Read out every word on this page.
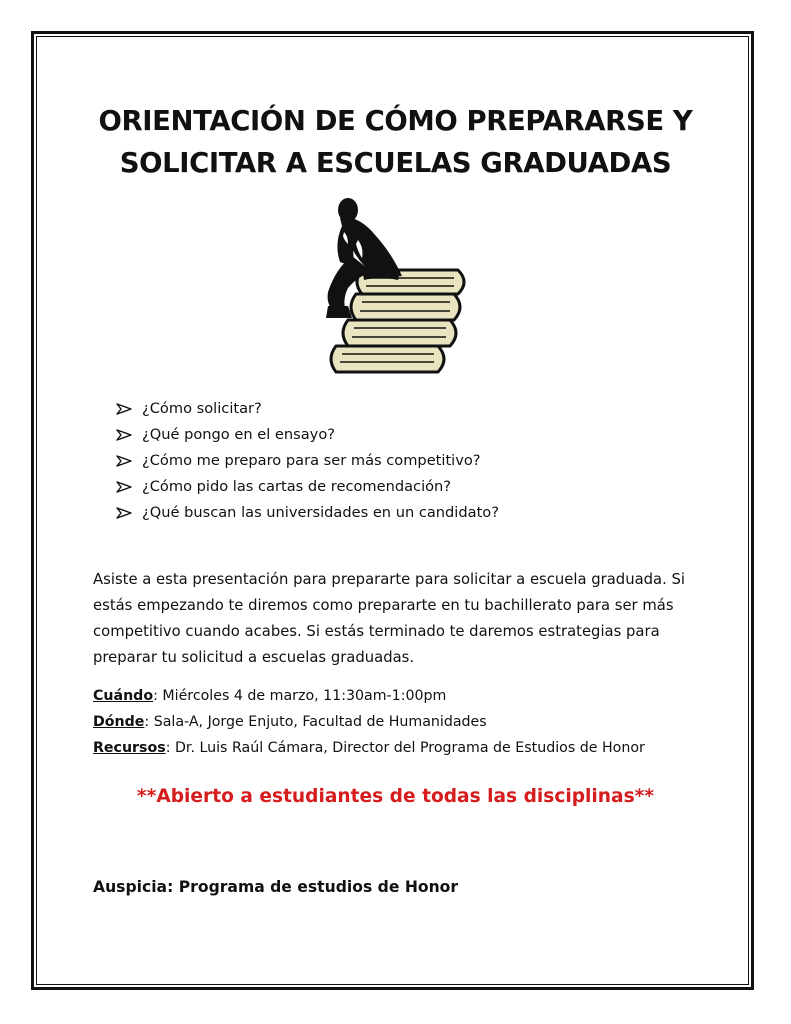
ORIENTACIÓN DE CÓMO PREPARARSE Y
SOLICITAR A ESCUELAS GRADUADAS
¿Cómo solicitar?
¿Qué pongo en el ensayo?
¿Cómo me preparo para ser más competitivo?
¿Cómo pido las cartas de recomendación?
¿Qué buscan las universidades en un candidato?
Asiste a esta presentación para prepararte para solicitar a escuela graduada. Si
estás empezando te diremos como prepararte en tu bachillerato para ser más
competitivo cuando acabes. Si estás terminado te daremos estrategias para
preparar tu solicitud a escuelas graduadas.
Cuándo: Miércoles 4 de marzo, 11:30am-1:00pm
Dónde: Sala-A, Jorge Enjuto, Facultad de Humanidades
Recursos: Dr. Luis Raúl Cámara, Director del Programa de Estudios de Honor
**Abierto a estudiantes de todas las disciplinas**
Auspicia: Programa de estudios de Honor
